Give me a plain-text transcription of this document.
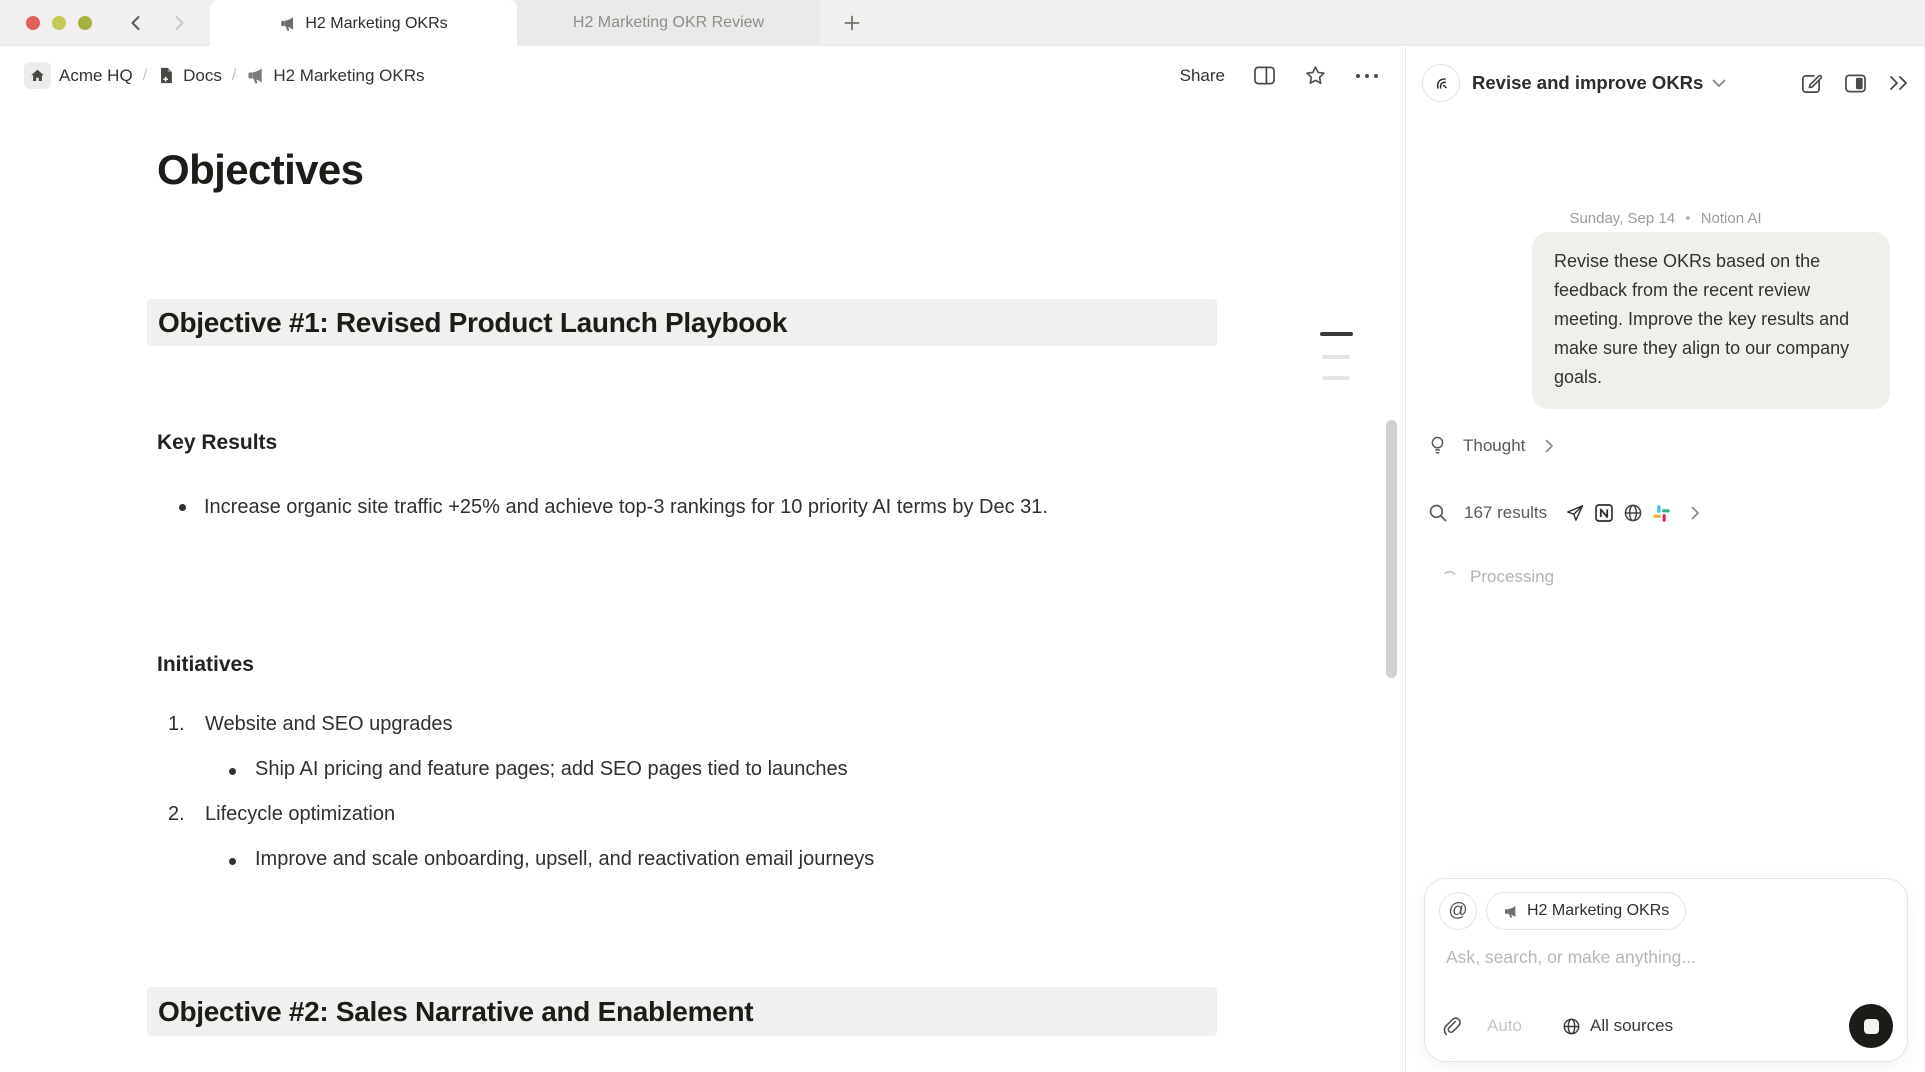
H2 Marketing OKRs	H2 Marketing OKR Review
Acme HQ / Docs / H2 Marketing OKRs	Share
Objectives
Objective #1: Revised Product Launch Playbook
Key Results
Increase organic site traffic +25% and achieve top-3 rankings for 10 priority AI terms by Dec 31.
Initiatives
1.	Website and SEO upgrades
Ship AI pricing and feature pages; add SEO pages tied to launches
2.	Lifecycle optimization
Improve and scale onboarding, upsell, and reactivation email journeys
Objective #2: Sales Narrative and Enablement
Revise and improve OKRs
Sunday, Sep 14 • Notion AI
Revise these OKRs based on the feedback from the recent review meeting. Improve the key results and make sure they align to our company goals.
Thought
167 results
Processing
@	H2 Marketing OKRs
Ask, search, or make anything...
Auto	All sources
